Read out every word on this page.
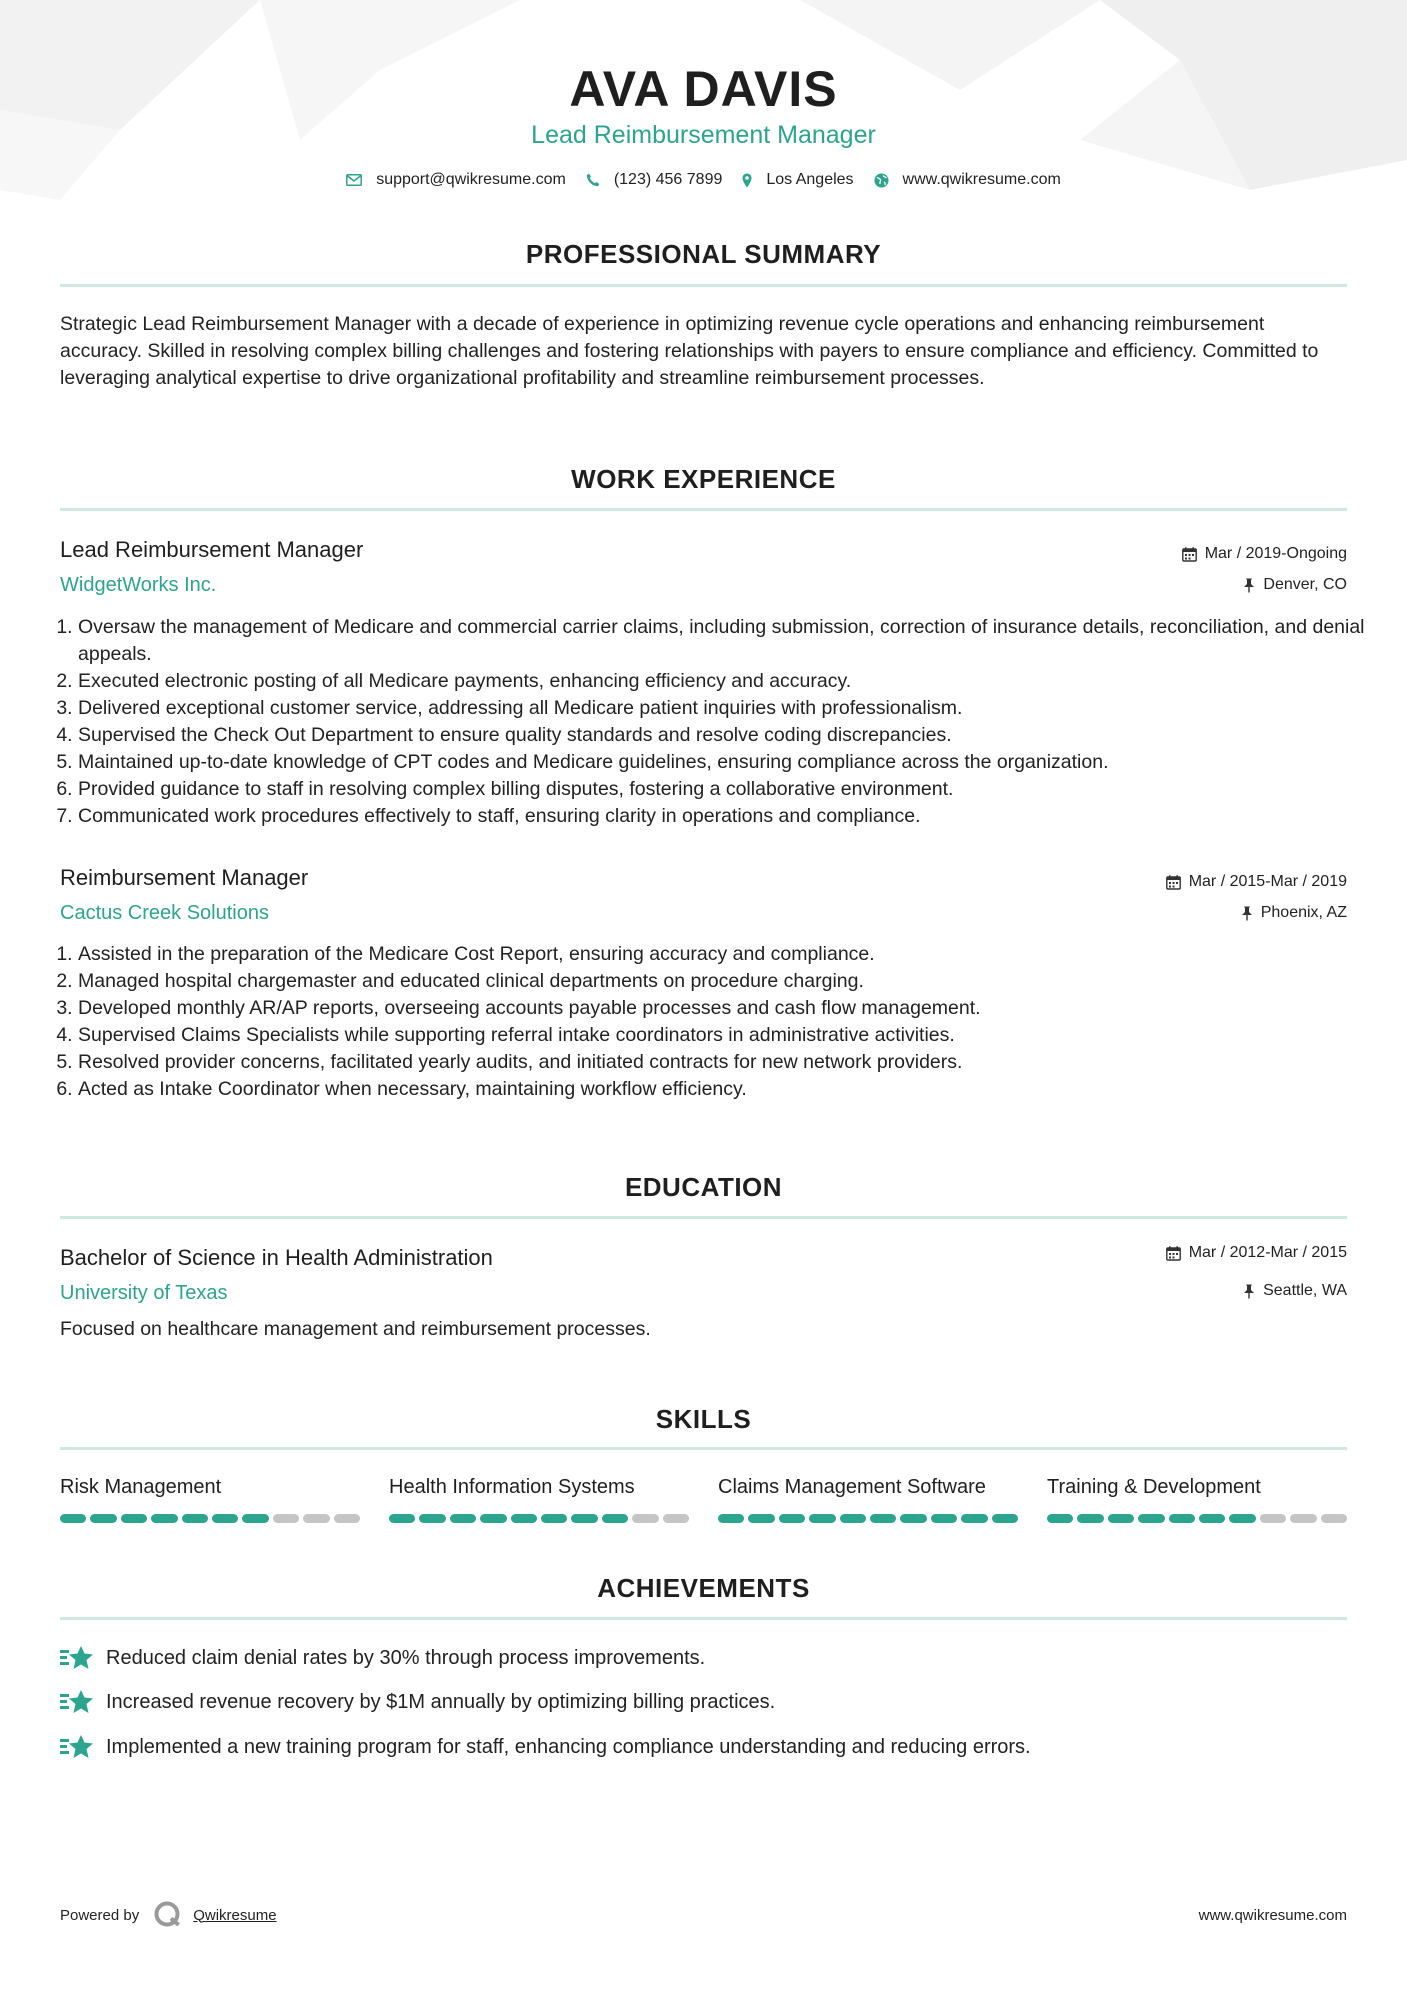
AVA DAVIS
Lead Reimbursement Manager
support@qwikresume.com	(123) 456 7899	Los Angeles	www.qwikresume.com
PROFESSIONAL SUMMARY
Strategic Lead Reimbursement Manager with a decade of experience in optimizing revenue cycle operations and enhancing reimbursement accuracy. Skilled in resolving complex billing challenges and fostering relationships with payers to ensure compliance and efficiency. Committed to leveraging analytical expertise to drive organizational profitability and streamline reimbursement processes.
WORK EXPERIENCE
Lead Reimbursement Manager
WidgetWorks Inc.
Mar / 2019-Ongoing
Denver, CO
1. Oversaw the management of Medicare and commercial carrier claims, including submission, correction of insurance details, reconciliation, and denial appeals.
2. Executed electronic posting of all Medicare payments, enhancing efficiency and accuracy.
3. Delivered exceptional customer service, addressing all Medicare patient inquiries with professionalism.
4. Supervised the Check Out Department to ensure quality standards and resolve coding discrepancies.
5. Maintained up-to-date knowledge of CPT codes and Medicare guidelines, ensuring compliance across the organization.
6. Provided guidance to staff in resolving complex billing disputes, fostering a collaborative environment.
7. Communicated work procedures effectively to staff, ensuring clarity in operations and compliance.
Reimbursement Manager
Cactus Creek Solutions
Mar / 2015-Mar / 2019
Phoenix, AZ
1. Assisted in the preparation of the Medicare Cost Report, ensuring accuracy and compliance.
2. Managed hospital chargemaster and educated clinical departments on procedure charging.
3. Developed monthly AR/AP reports, overseeing accounts payable processes and cash flow management.
4. Supervised Claims Specialists while supporting referral intake coordinators in administrative activities.
5. Resolved provider concerns, facilitated yearly audits, and initiated contracts for new network providers.
6. Acted as Intake Coordinator when necessary, maintaining workflow efficiency.
EDUCATION
Bachelor of Science in Health Administration
University of Texas
Mar / 2012-Mar / 2015
Seattle, WA
Focused on healthcare management and reimbursement processes.
SKILLS
Risk Management	Health Information Systems	Claims Management Software	Training & Development
ACHIEVEMENTS
Reduced claim denial rates by 30% through process improvements.
Increased revenue recovery by $1M annually by optimizing billing practices.
Implemented a new training program for staff, enhancing compliance understanding and reducing errors.
Powered by	Qwikresume	www.qwikresume.com
